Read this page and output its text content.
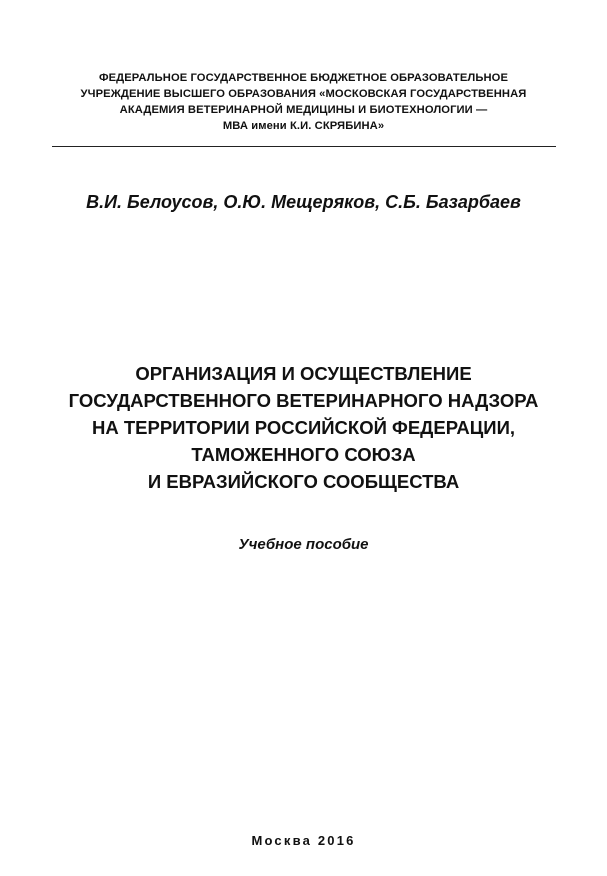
ФЕДЕРАЛЬНОЕ ГОСУДАРСТВЕННОЕ БЮДЖЕТНОЕ ОБРАЗОВАТЕЛЬНОЕ
УЧРЕЖДЕНИЕ ВЫСШЕГО ОБРАЗОВАНИЯ «МОСКОВСКАЯ ГОСУДАРСТВЕННАЯ
АКАДЕМИЯ ВЕТЕРИНАРНОЙ МЕДИЦИНЫ И БИОТЕХНОЛОГИИ —
МВА имени К.И. СКРЯБИНА»
В.И. Белоусов, О.Ю. Мещеряков, С.Б. Базарбаев
ОРГАНИЗАЦИЯ И ОСУЩЕСТВЛЕНИЕ
ГОСУДАРСТВЕННОГО ВЕТЕРИНАРНОГО НАДЗОРА
НА ТЕРРИТОРИИ РОССИЙСКОЙ ФЕДЕРАЦИИ,
ТАМОЖЕННОГО СОЮЗА
И ЕВРАЗИЙСКОГО СООБЩЕСТВА
Учебное пособие
Москва 2016
